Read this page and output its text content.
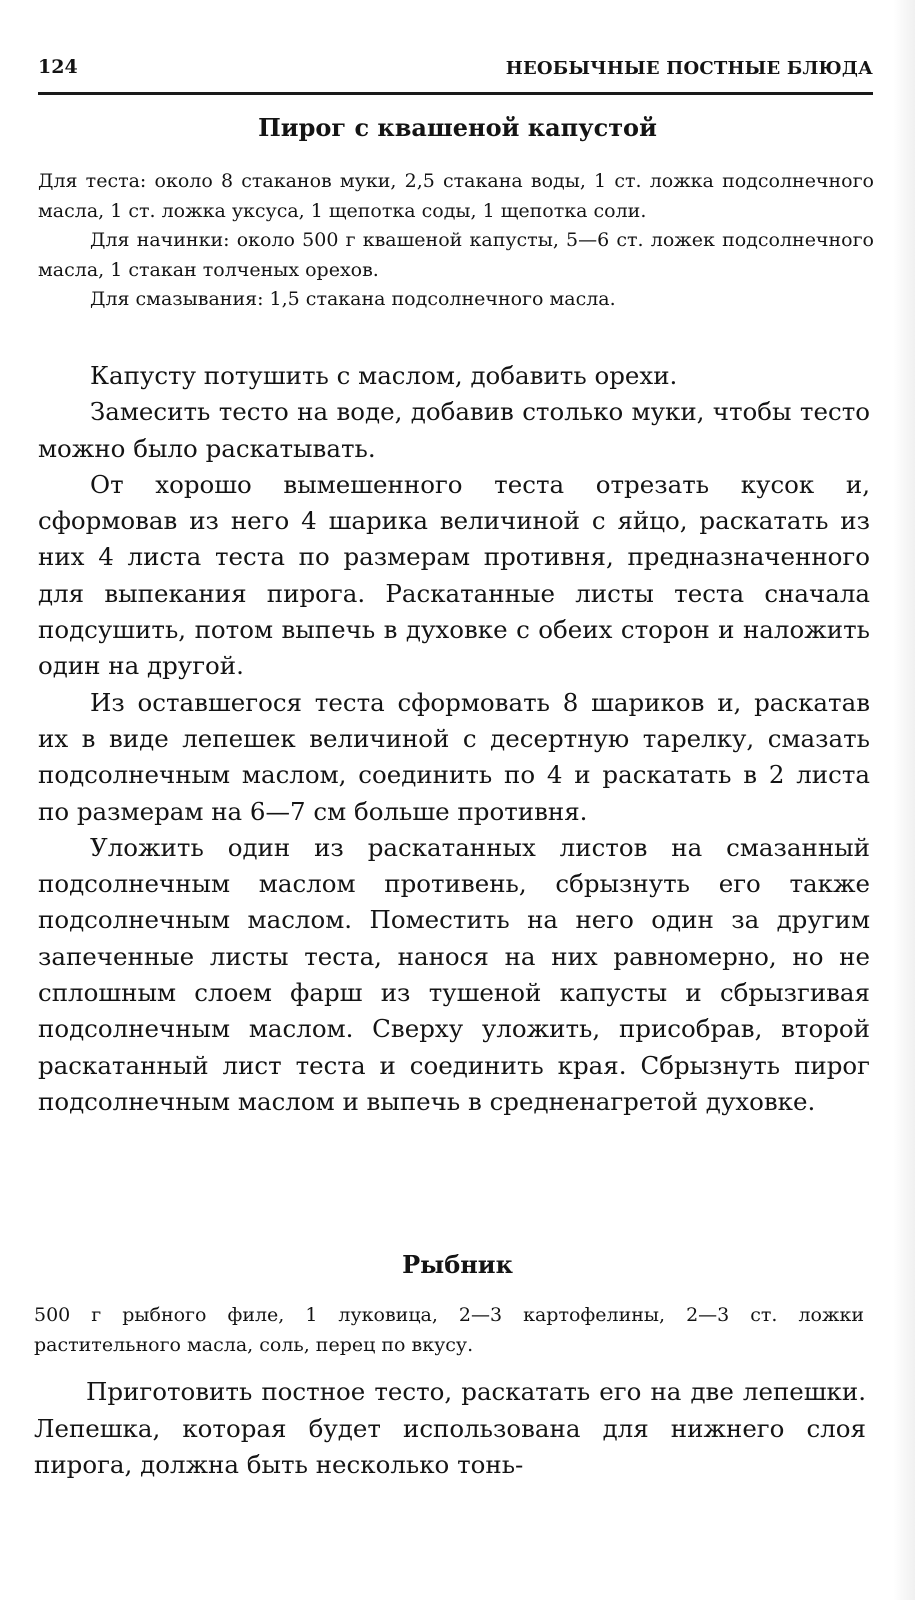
124	НЕОБЫЧНЫЕ ПОСТНЫЕ БЛЮДА
Пирог с квашеной капустой

Для теста: около 8 стаканов муки, 2,5 стакана воды, 1 ст. ложка подсолнечного масла, 1 ст. ложка уксуса, 1 щепотка соды, 1 щепотка соли.

Для начинки: около 500 г квашеной капусты, 5—6 ст. ложек подсолнечного масла, 1 стакан толченых орехов.

Для смазывания: 1,5 стакана подсолнечного масла.

Капусту потушить с маслом, добавить орехи.

Замесить тесто на воде, добавив столько муки, чтобы тесто можно было раскатывать.

От хорошо вымешенного теста отрезать кусок и, сформовав из него 4 шарика величиной с яйцо, раскатать из них 4 листа теста по размерам противня, предназначенного для выпекания пирога. Раскатанные листы теста сначала подсушить, потом выпечь в духовке с обеих сторон и наложить один на другой.

Из оставшегося теста сформовать 8 шариков и, раскатав их в виде лепешек величиной с десертную тарелку, смазать подсолнечным маслом, соединить по 4 и раскатать в 2 листа по размерам на 6—7 см больше противня.

Уложить один из раскатанных листов на смазанный подсолнечным маслом противень, сбрызнуть его также подсолнечным маслом. Поместить на него один за другим запеченные листы теста, нанося на них равномерно, но не сплошным слоем фарш из тушеной капусты и сбрызгивая подсолнечным маслом. Сверху уложить, присобрав, второй раскатанный лист теста и соединить края. Сбрызнуть пирог подсолнечным маслом и выпечь в средненагретой духовке.

Рыбник

500 г рыбного филе, 1 луковица, 2—3 картофелины, 2—3 ст. ложки растительного масла, соль, перец по вкусу.

Приготовить постное тесто, раскатать его на две лепешки. Лепешка, которая будет использована для нижнего слоя пирога, должна быть несколько тонь-
